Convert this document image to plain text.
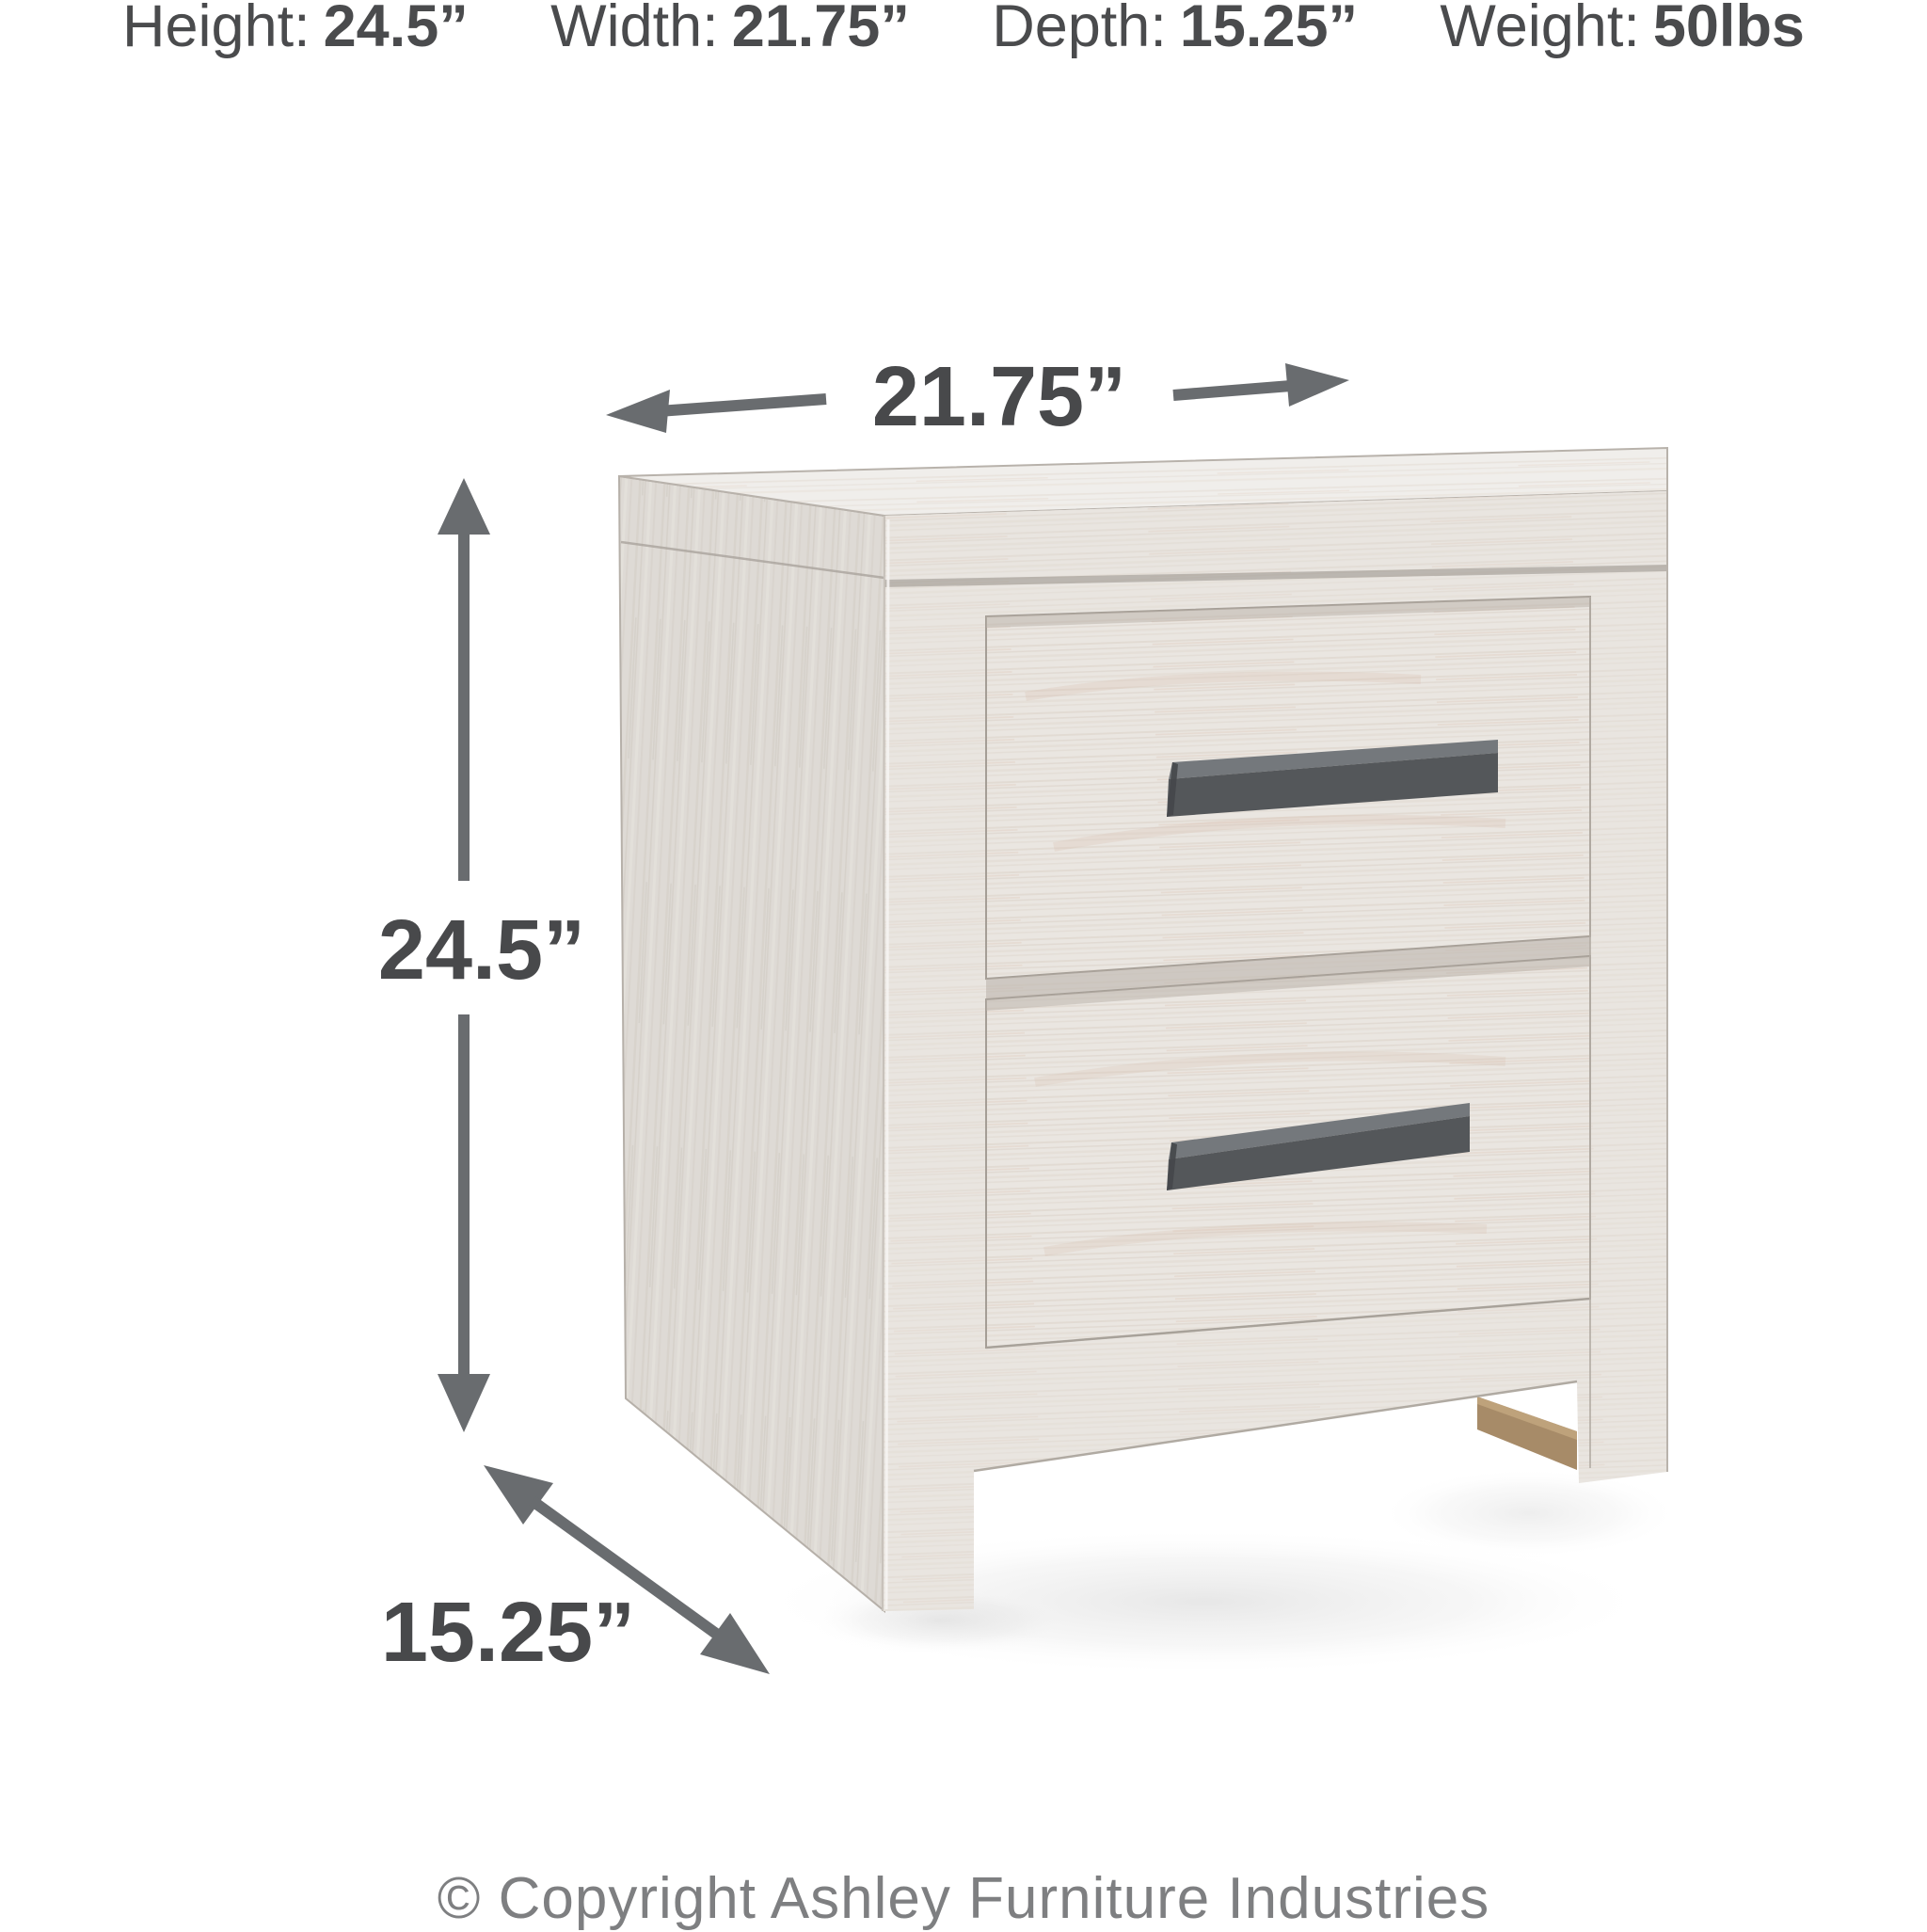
Height: 24.5” Width: 21.75” Depth: 15.25” Weight: 50lbs
21.75”
24.5”
15.25”
© Copyright Ashley Furniture Industries
